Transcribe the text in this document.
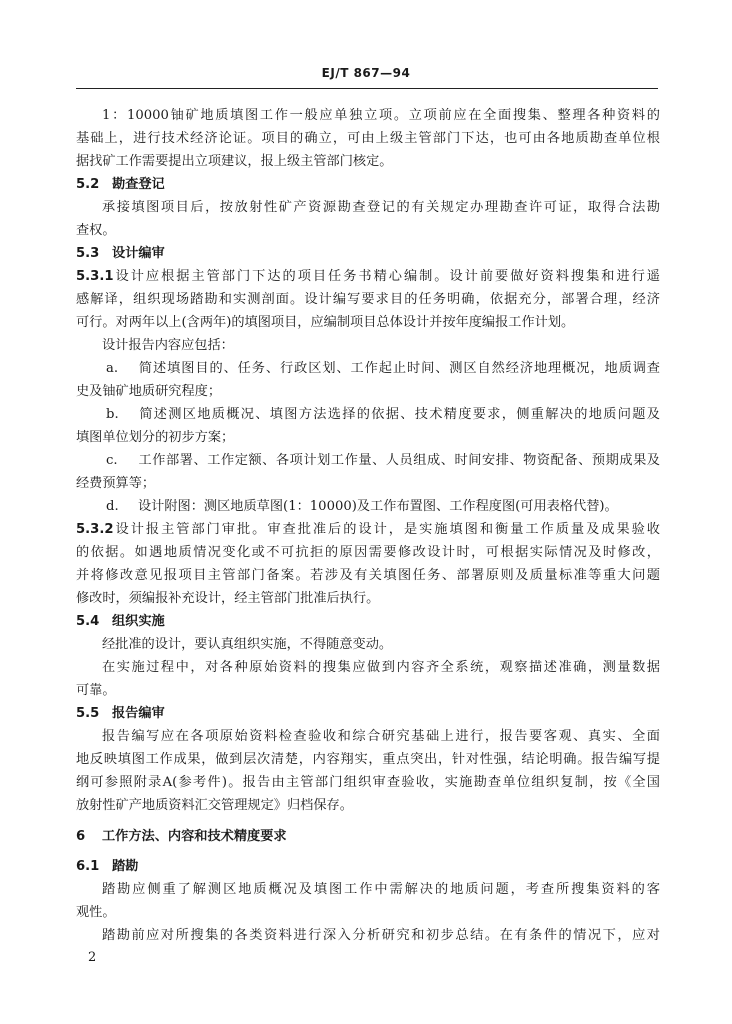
EJ/T 867—94
1：10000铀矿地质填图工作一般应单独立项。立项前应在全面搜集、整理各种资料的
基础上，进行技术经济论证。项目的确立，可由上级主管部门下达，也可由各地质勘查单位根
据找矿工作需要提出立项建议，报上级主管部门核定。
5.2 勘查登记
承接填图项目后，按放射性矿产资源勘查登记的有关规定办理勘查许可证，取得合法勘
查权。
5.3 设计编审
5.3.1设计应根据主管部门下达的项目任务书精心编制。设计前要做好资料搜集和进行遥
感解译，组织现场踏勘和实测剖面。设计编写要求目的任务明确，依据充分，部署合理，经济
可行。对两年以上(含两年)的填图项目，应编制项目总体设计并按年度编报工作计划。
设计报告内容应包括：
a. 简述填图目的、任务、行政区划、工作起止时间、测区自然经济地理概况，地质调查
史及铀矿地质研究程度；
b. 简述测区地质概况、填图方法选择的依据、技术精度要求，侧重解决的地质问题及
填图单位划分的初步方案；
c. 工作部署、工作定额、各项计划工作量、人员组成、时间安排、物资配备、预期成果及
经费预算等；
d. 设计附图：测区地质草图(1：10000)及工作布置图、工作程度图(可用表格代替)。
5.3.2设计报主管部门审批。审查批准后的设计，是实施填图和衡量工作质量及成果验收
的依据。如遇地质情况变化或不可抗拒的原因需要修改设计时，可根据实际情况及时修改，
并将修改意见报项目主管部门备案。若涉及有关填图任务、部署原则及质量标准等重大问题
修改时，须编报补充设计，经主管部门批准后执行。
5.4 组织实施
经批准的设计，要认真组织实施，不得随意变动。
在实施过程中，对各种原始资料的搜集应做到内容齐全系统，观察描述准确，测量数据
可靠。
5.5 报告编审
报告编写应在各项原始资料检查验收和综合研究基础上进行，报告要客观、真实、全面
地反映填图工作成果，做到层次清楚，内容翔实，重点突出，针对性强，结论明确。报告编写提
纲可参照附录A(参考件)。报告由主管部门组织审查验收，实施勘查单位组织复制，按《全国
放射性矿产地质资料汇交管理规定》归档保存。
6 工作方法、内容和技术精度要求
6.1 踏勘
踏勘应侧重了解测区地质概况及填图工作中需解决的地质问题，考查所搜集资料的客
观性。
踏勘前应对所搜集的各类资料进行深入分析研究和初步总结。在有条件的情况下，应对
2
